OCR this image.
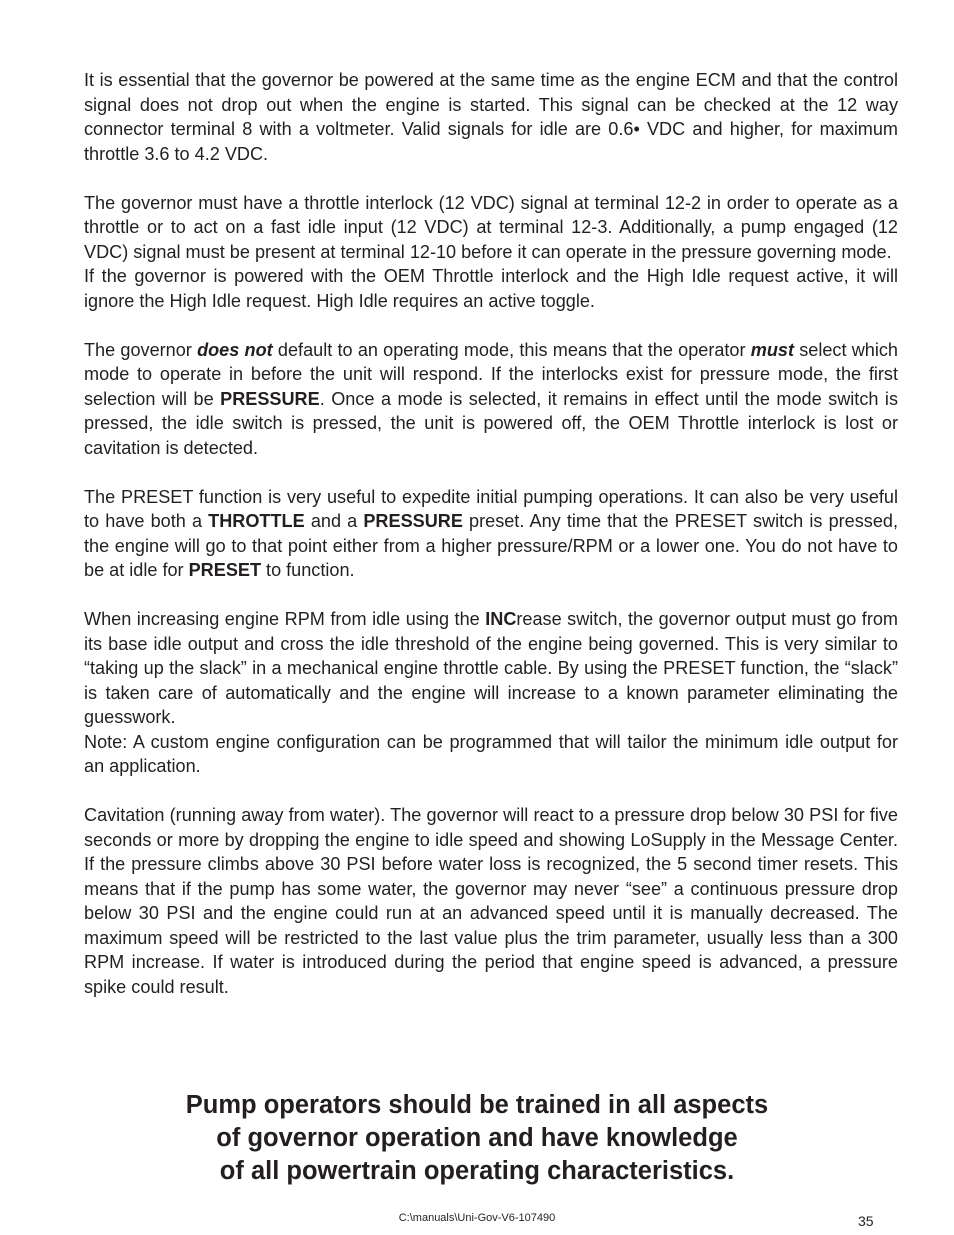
It is essential that the governor be powered at the same time as the engine ECM and that the control signal does not drop out when the engine is started. This signal can be checked at the 12 way connector terminal 8 with a voltmeter. Valid signals for idle are 0.6• VDC and higher, for maximum throttle 3.6 to 4.2 VDC.

The governor must have a throttle interlock (12 VDC) signal at terminal 12-2 in order to operate as a throttle or to act on a fast idle input (12 VDC) at terminal 12-3. Additionally, a pump engaged (12 VDC) signal must be present at terminal 12-10 before it can operate in the pressure governing mode.

If the governor is powered with the OEM Throttle interlock and the High Idle request active, it will ignore the High Idle request. High Idle requires an active toggle.

The governor does not default to an operating mode, this means that the operator must select which mode to operate in before the unit will respond. If the interlocks exist for pressure mode, the first selection will be PRESSURE. Once a mode is selected, it remains in effect until the mode switch is pressed, the idle switch is pressed, the unit is powered off, the OEM Throttle interlock is lost or cavitation is detected.

The PRESET function is very useful to expedite initial pumping operations. It can also be very useful to have both a THROTTLE and a PRESSURE preset. Any time that the PRESET switch is pressed, the engine will go to that point either from a higher pressure/RPM or a lower one. You do not have to be at idle for PRESET to function.

When increasing engine RPM from idle using the INCrease switch, the governor output must go from its base idle output and cross the idle threshold of the engine being governed. This is very similar to “taking up the slack” in a mechanical engine throttle cable. By using the PRESET function, the “slack” is taken care of automatically and the engine will increase to a known parameter eliminating the guesswork.

Note: A custom engine configuration can be programmed that will tailor the minimum idle output for an application.

Cavitation (running away from water). The governor will react to a pressure drop below 30 PSI for five seconds or more by dropping the engine to idle speed and showing LoSupply in the Message Center. If the pressure climbs above 30 PSI before water loss is recognized, the 5 second timer resets. This means that if the pump has some water, the governor may never “see” a continuous pressure drop below 30 PSI and the engine could run at an advanced speed until it is manually decreased. The maximum speed will be restricted to the last value plus the trim parameter, usually less than a 300 RPM increase. If water is introduced during the period that engine speed is advanced, a pressure spike could result.

Pump operators should be trained in all aspects
of governor operation and have knowledge
of all powertrain operating characteristics.
C:\manuals\Uni-Gov-V6-107490	35
